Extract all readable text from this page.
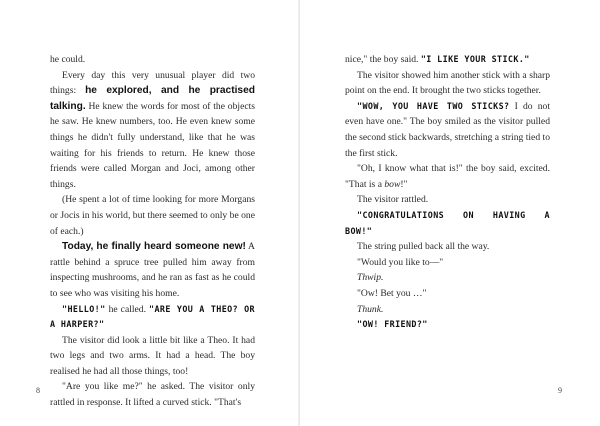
he could.

Every day this very unusual player did two things: he explored, and he practised talking. He knew the words for most of the objects he saw. He knew numbers, too. He even knew some things he didn't fully understand, like that he was waiting for his friends to return. He knew those friends were called Morgan and Joci, among other things.

(He spent a lot of time looking for more Morgans or Jocis in his world, but there seemed to only be one of each.)

Today, he finally heard someone new! A rattle behind a spruce tree pulled him away from inspecting mushrooms, and he ran as fast as he could to see who was visiting his home.

"HELLO!" he called. "ARE YOU A THEO? OR A HARPER?"

The visitor did look a little bit like a Theo. It had two legs and two arms. It had a head. The boy realised he had all those things, too!

"Are you like me?" he asked. The visitor only rattled in response. It lifted a curved stick. "That's

8

nice," the boy said. "I LIKE YOUR STICK."

The visitor showed him another stick with a sharp point on the end. It brought the two sticks together.

"WOW, YOU HAVE TWO STICKS? I do not even have one." The boy smiled as the visitor pulled the second stick backwards, stretching a string tied to the first stick.

"Oh, I know what that is!" the boy said, excited. "That is a bow!"

The visitor rattled.

"CONGRATULATIONS ON HAVING A

BOW!"

The string pulled back all the way.

"Would you like to—"

Thwip.

"Ow! Bet you …"

Thunk.

"OW! FRIEND?"

9
